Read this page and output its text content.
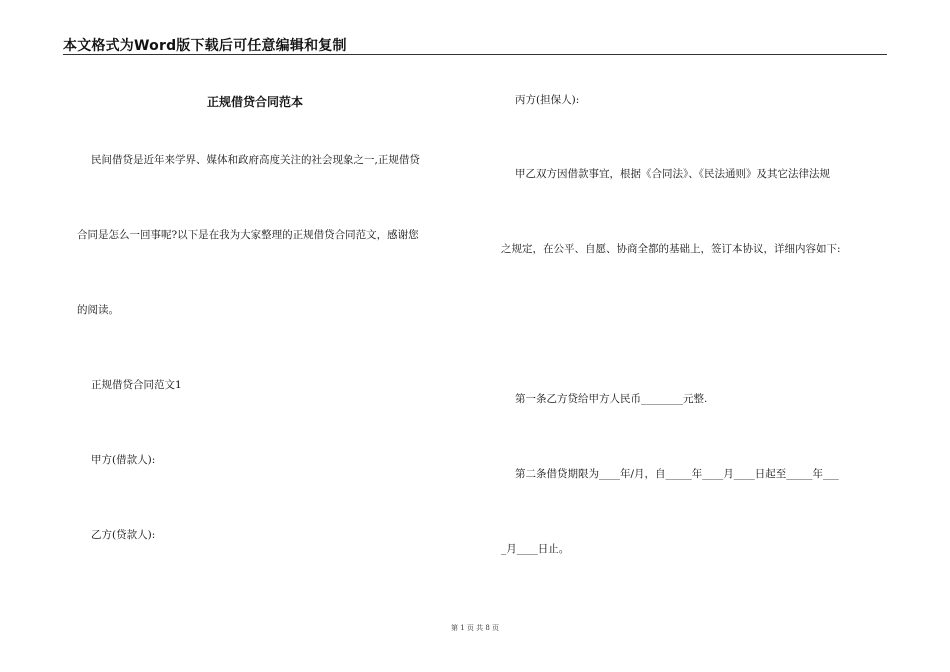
本文格式为Word版下载后可任意编辑和复制
正规借贷合同范本
民间借贷是近年来学界、媒体和政府高度关注的社会现象之一,正规借贷
合同是怎么一回事呢?以下是在我为大家整理的正规借贷合同范文，感谢您
的阅读。
正规借贷合同范文1
甲方(借款人):
乙方(贷款人):
丙方(担保人):
甲乙双方因借款事宜，根据《合同法》、《民法通则》及其它法律法规
之规定，在公平、自愿、协商全都的基础上，签订本协议，详细内容如下:
第一条乙方贷给甲方人民币________元整.
第二条借贷期限为____年/月，自_____年____月____日起至_____年___
_月____日止。
第 1 页 共 8 页
